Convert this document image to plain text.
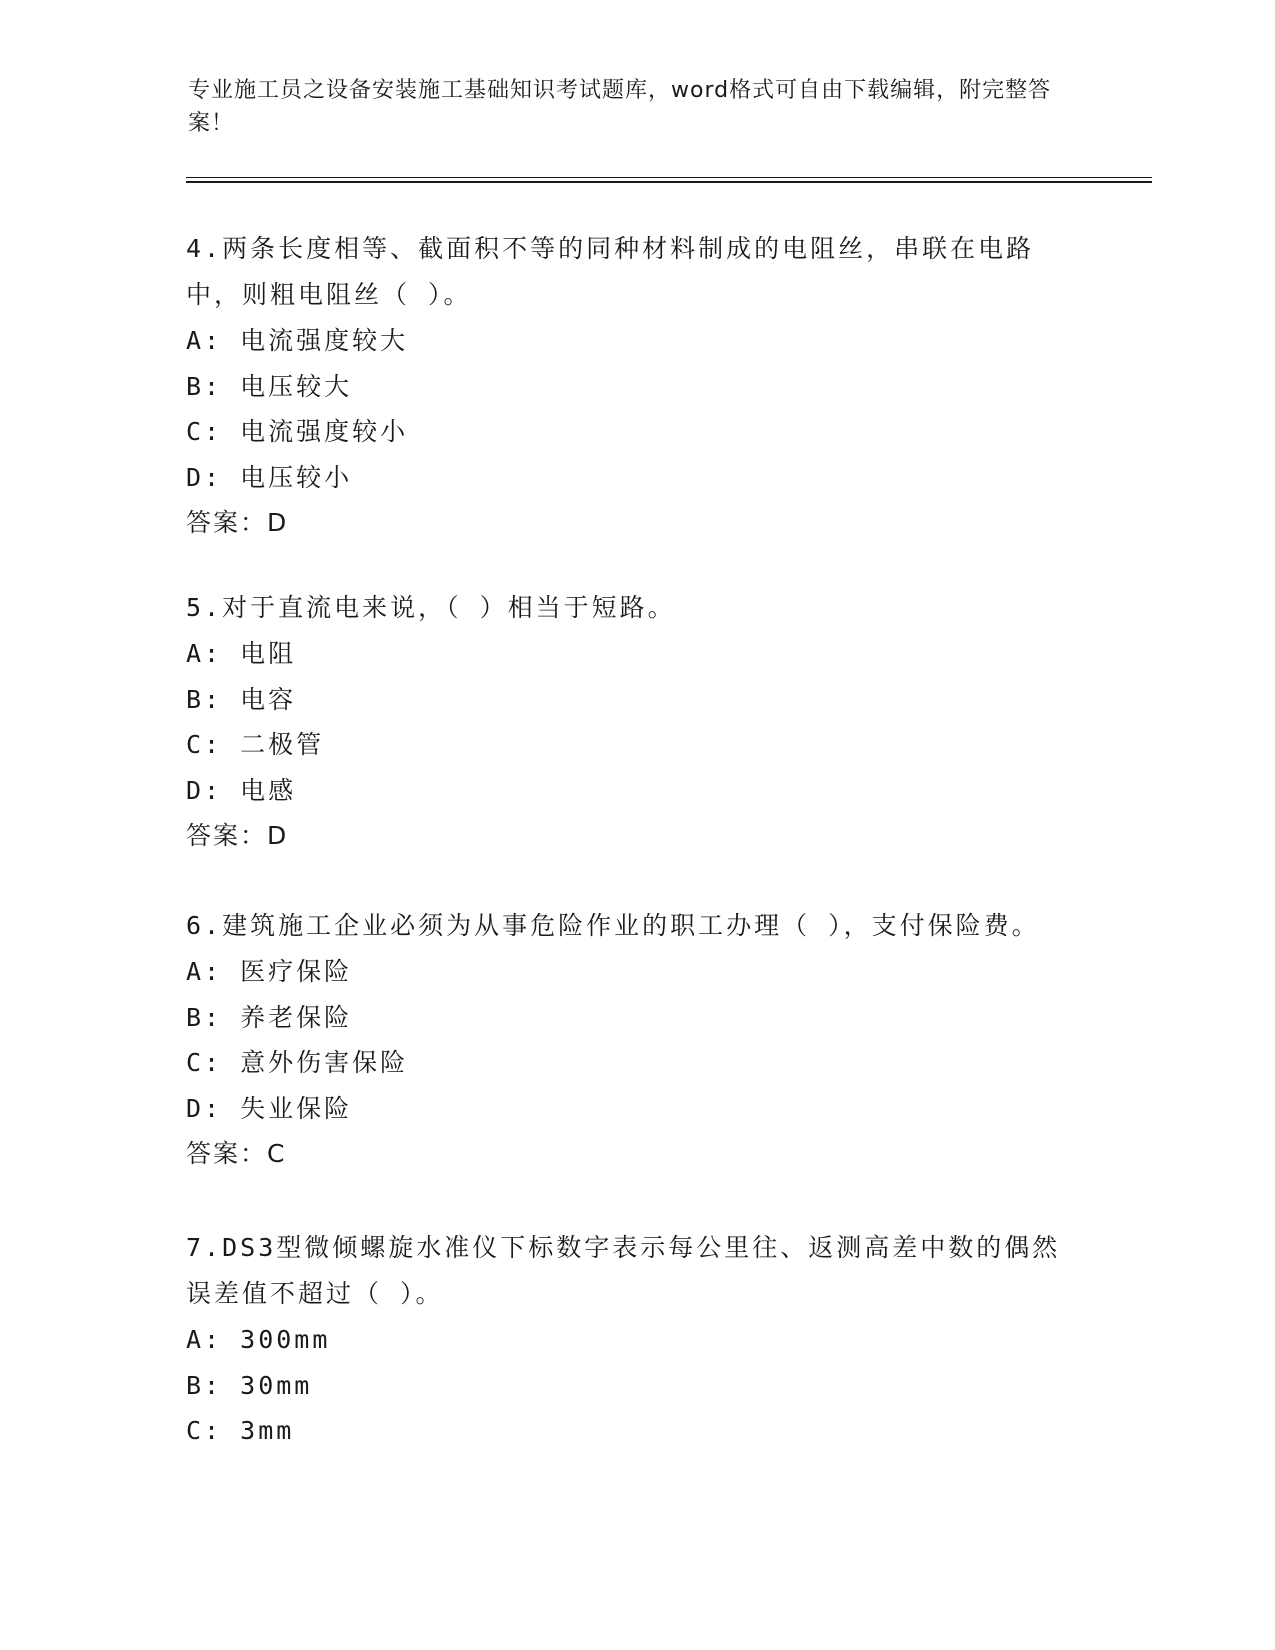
专业施工员之设备安装施工基础知识考试题库，word格式可自由下载编辑，附完整答案！

4.两条长度相等、截面积不等的同种材料制成的电阻丝，串联在电路中，则粗电阻丝（ ）。

A: 电流强度较大

B: 电压较大

C: 电流强度较小

D: 电压较小

答案：D

5.对于直流电来说，（ ）相当于短路。

A: 电阻

B: 电容

C: 二极管

D: 电感

答案：D

6.建筑施工企业必须为从事危险作业的职工办理（ ），支付保险费。

A: 医疗保险

B: 养老保险

C: 意外伤害保险

D: 失业保险

答案：C

7.DS3型微倾螺旋水准仪下标数字表示每公里往、返测高差中数的偶然误差值不超过（ ）。

A: 300mm

B: 30mm

C: 3mm
